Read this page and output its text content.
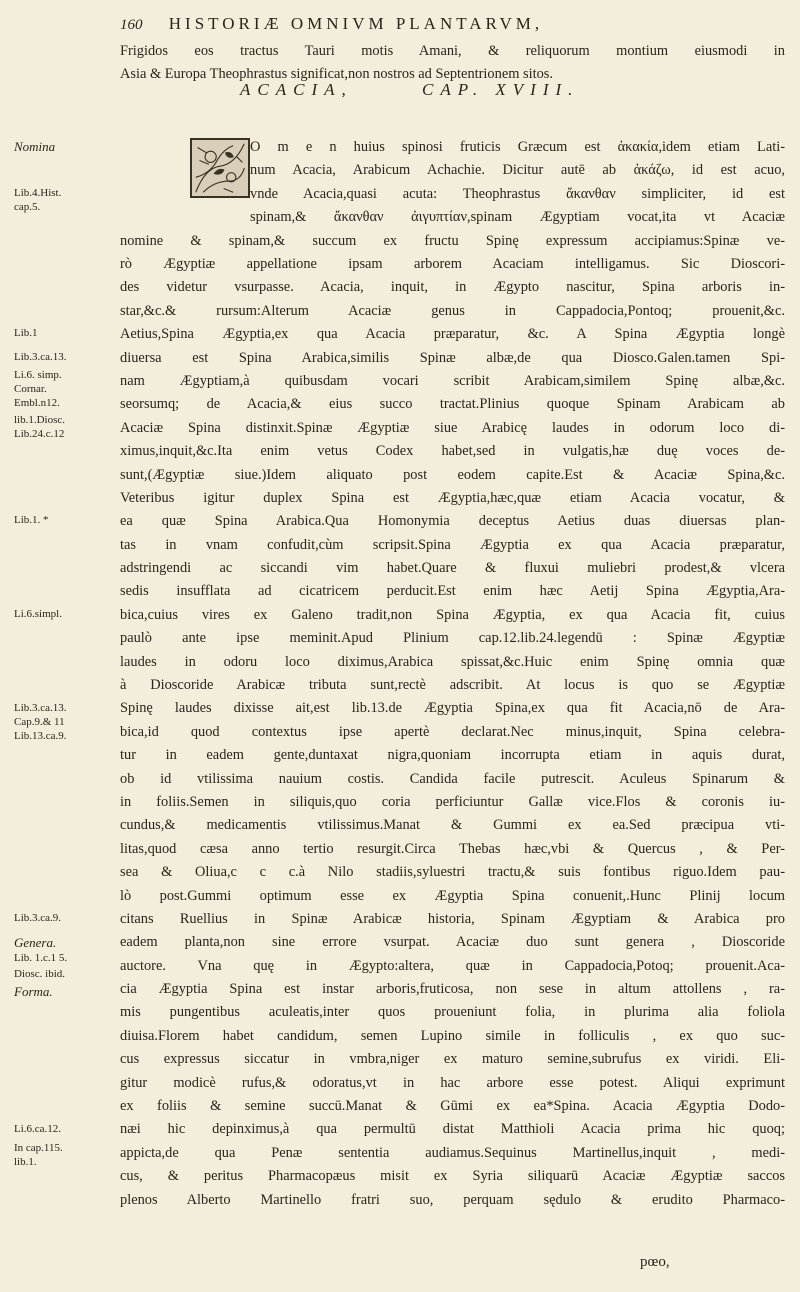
160 HISTORIÆ OMNIVM PLANTARVM,
Frigidos eos tractus Tauri motis Amani, & reliquorum montium eiusmodi in
Asia & Europa Theophrastus significat,non nostros ad Septentrionem sitos.
ACACIA,	CAP. XVIII.
O m e n huius spinosi fruticis Græcum est ἀκακία,idem etiam Lati-
num Acacia, Arabicum Achachie. Dicitur autē ab ἀκάζω, id est acuo,
vnde Acacia,quasi acuta: Theophrastus ἄκανθαν simpliciter, id est
spinam,& ἄκανθαν ἀιγυπτίαν,spinam Ægyptiam vocat,ita vt Acaciæ
nomine & spinam,& succum ex fructu Spinę expressum accipiamus:Spinæ ve-
rò Ægyptiæ appellatione ipsam arborem Acaciam intelligamus. Sic Dioscori-
des videtur vsurpasse. Acacia, inquit, in Ægypto nascitur, Spina arboris in-
star,&c.& rursum:Alterum Acaciæ genus in Cappadocia,Pontoq; prouenit,&c.
Aetius,Spina Ægyptia,ex qua Acacia præparatur, &c. A Spina Ægyptia longè
diuersa est Spina Arabica,similis Spinæ albæ,de qua Diosco.Galen.tamen Spi-
nam Ægyptiam,à quibusdam vocari scribit Arabicam,similem Spinę albæ,&c.
seorsumq; de Acacia,& eius succo tractat.Plinius quoque Spinam Arabicam ab
Acaciæ Spina distinxit.Spinæ Ægyptiæ siue Arabicę laudes in odorum loco di-
ximus,inquit,&c.Ita enim vetus Codex habet,sed in vulgatis,hæ duę voces de-
sunt,(Ægyptiæ siue.)Idem aliquato post eodem capite.Est & Acaciæ Spina,&c.
Veteribus igitur duplex Spina est Ægyptia,hæc,quæ etiam Acacia vocatur, &
ea quæ Spina Arabica.Qua Homonymia deceptus Aetius duas diuersas plan-
tas in vnam confudit,cùm scripsit.Spina Ægyptia ex qua Acacia præparatur,
adstringendi ac siccandi vim habet.Quare & fluxui muliebri prodest,& vlcera
sedis insufflata ad cicatricem perducit.Est enim hæc Aetij Spina Ægyptia,Ara-
bica,cuius vires ex Galeno tradit,non Spina Ægyptia, ex qua Acacia fit, cuius
paulò ante ipse meminit.Apud Plinium cap.12.lib.24.legendū : Spinæ Ægyptiæ
laudes in odoru loco diximus,Arabica spissat,&c.Huic enim Spinę omnia quæ
à Dioscoride Arabicæ tributa sunt,rectè adscribit. At locus is quo se Ægyptiæ
Spinę laudes dixisse ait,est lib.13.de Ægyptia Spina,ex qua fit Acacia,nō de Ara-
bica,id quod contextus ipse apertè declarat.Nec minus,inquit, Spina celebra-
tur in eadem gente,duntaxat nigra,quoniam incorrupta etiam in aquis durat,
ob id vtilissima nauium costis. Candida facile putrescit. Aculeus Spinarum &
in foliis.Semen in siliquis,quo coria perficiuntur Gallæ vice.Flos & coronis iu-
cundus,& medicamentis vtilissimus.Manat & Gummi ex ea.Sed præcipua vti-
litas,quod cæsa anno tertio resurgit.Circa Thebas hæc,vbi & Quercus , & Per-
sea & Oliua,c c c.à Nilo stadiis,syluestri tractu,& suis fontibus riguo.Idem pau-
lò post.Gummi optimum esse ex Ægyptia Spina conuenit,.Hunc Plinij locum
citans Ruellius in Spinæ Arabicæ historia, Spinam Ægyptiam & Arabica pro
eadem planta,non sine errore vsurpat. Acaciæ duo sunt genera , Dioscoride
auctore. Vna quę in Ægypto:altera, quæ in Cappadocia,Potoq; prouenit.Aca-
cia Ægyptia Spina est instar arboris,fruticosa, non sese in altum attollens , ra-
mis pungentibus aculeatis,inter quos proueniunt folia, in plurima alia foliola
diuisa.Florem habet candidum, semen Lupino simile in folliculis , ex quo suc-
cus expressus siccatur in vmbra,niger ex maturo semine,subrufus ex viridi. Eli-
gitur modicè rufus,& odoratus,vt in hac arbore esse potest. Aliqui exprimunt
ex foliis & semine succū.Manat & Gūmi ex ea*Spina. Acacia Ægyptia Dodo-
næi hic depinximus,à qua permultū distat Matthioli Acacia prima hic quoq;
appicta,de qua Penæ sententia audiamus.Sequinus Martinellus,inquit , medi-
cus, & peritus Pharmacopæus misit ex Syria siliquarū Acaciæ Ægyptiæ saccos
plenos Alberto Martinello fratri suo, perquam sędulo & erudito Pharmaco-
Nomina
Lib.4.Hist.
cap.5.
Lib.1
Lib.3.ca.13.
Li.6. simp.
Cornar.
Embl.n12.
lib.1.Diosc.
Lib.24.c.12
Lib.1. *
Li.6.simpl.
Lib.3.ca.13.
Cap.9.& 11
Lib.13.ca.9.
Lib.3.ca.9.
Genera.
Lib. 1.c.1 5.
Diosc. ibid.
Forma.
Li.6.ca.12.
In cap.115.
lib.1.
pœo,
